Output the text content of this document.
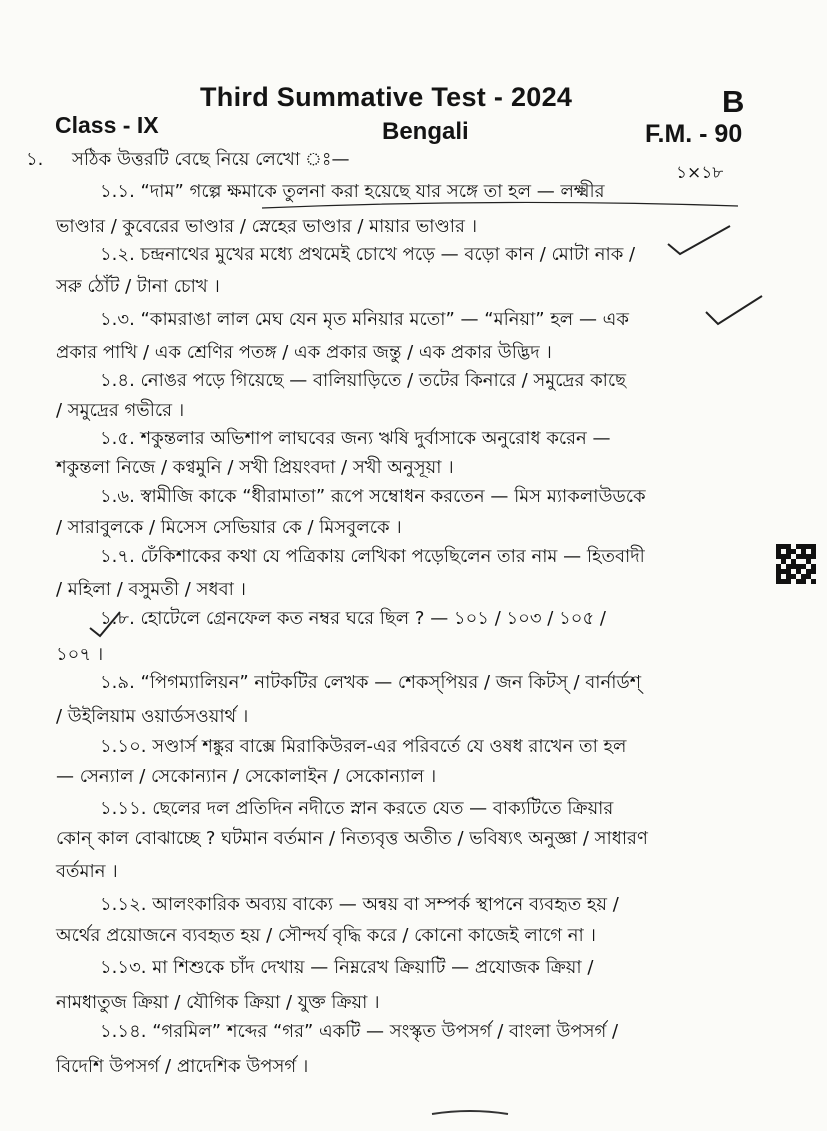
Third Summative Test - 2024	B
Class - IX	Bengali	F.M. - 90
১. সঠিক উত্তরটি বেছে নিয়ে লেখো ঃ—
১×১৮
১.১. “দাম” গল্পে ক্ষমাকে তুলনা করা হয়েছে যার সঙ্গে তা হল — লক্ষ্মীর
ভাণ্ডার / কুবেরের ভাণ্ডার / স্নেহের ভাণ্ডার / মায়ার ভাণ্ডার ।
১.২. চন্দ্রনাথের মুখের মধ্যে প্রথমেই চোখে পড়ে — বড়ো কান / মোটা নাক /
সরু ঠোঁট / টানা চোখ ।
১.৩. “কামরাঙা লাল মেঘ যেন মৃত মনিয়ার মতো” — “মনিয়া” হল — এক
প্রকার পাখি / এক শ্রেণির পতঙ্গ / এক প্রকার জন্তু / এক প্রকার উদ্ভিদ ।
১.৪. নোঙর পড়ে গিয়েছে — বালিয়াড়িতে / তটের কিনারে / সমুদ্রের কাছে
/ সমুদ্রের গভীরে ।
১.৫. শকুন্তলার অভিশাপ লাঘবের জন্য ঋষি দুর্বাসাকে অনুরোধ করেন —
শকুন্তলা নিজে / কণ্বমুনি / সখী প্রিয়ংবদা / সখী অনুসূয়া ।
১.৬. স্বামীজি কাকে “ধীরামাতা” রূপে সম্বোধন করতেন — মিস ম্যাকলাউডকে
/ সারাবুলকে / মিসেস সেভিয়ার কে / মিসবুলকে ।
১.৭. ঢেঁকিশাকের কথা যে পত্রিকায় লেখিকা পড়েছিলেন তার নাম — হিতবাদী
/ মহিলা / বসুমতী / সধবা ।
১.৮. হোটেলে গ্রেনফেল কত নম্বর ঘরে ছিল ? — ১০১ / ১০৩ / ১০৫ /
১০৭ ।
১.৯. “পিগম্যালিয়ন” নাটকটির লেখক — শেকস্‌পিয়র / জন কিটস্ / বার্নার্ডশ্
/ উইলিয়াম ওয়ার্ডসওয়ার্থ ।
১.১০. সণ্ডার্স শঙ্কুর বাক্সে মিরাকিউরল-এর পরিবর্তে যে ওষধ রাখেন তা হল
— সেন্যাল / সেকোন্যান / সেকোলাইন / সেকোন্যাল ।
১.১১. ছেলের দল প্রতিদিন নদীতে স্নান করতে যেত — বাক্যটিতে ক্রিয়ার
কোন্ কাল বোঝাচ্ছে ? ঘটমান বর্তমান / নিত্যবৃত্ত অতীত / ভবিষ্যৎ অনুজ্ঞা / সাধারণ
বর্তমান ।
১.১২. আলংকারিক অব্যয় বাক্যে — অন্বয় বা সম্পর্ক স্থাপনে ব্যবহৃত হয় /
অর্থের প্রয়োজনে ব্যবহৃত হয় / সৌন্দর্য বৃদ্ধি করে / কোনো কাজেই লাগে না ।
১.১৩. মা শিশুকে চাঁদ দেখায় — নিম্নরেখ ক্রিয়াটি — প্রযোজক ক্রিয়া /
নামধাতুজ ক্রিয়া / যৌগিক ক্রিয়া / যুক্ত ক্রিয়া ।
১.১৪. “গরমিল” শব্দের “গর” একটি — সংস্কৃত উপসর্গ / বাংলা উপসর্গ /
বিদেশি উপসর্গ / প্রাদেশিক উপসর্গ ।
